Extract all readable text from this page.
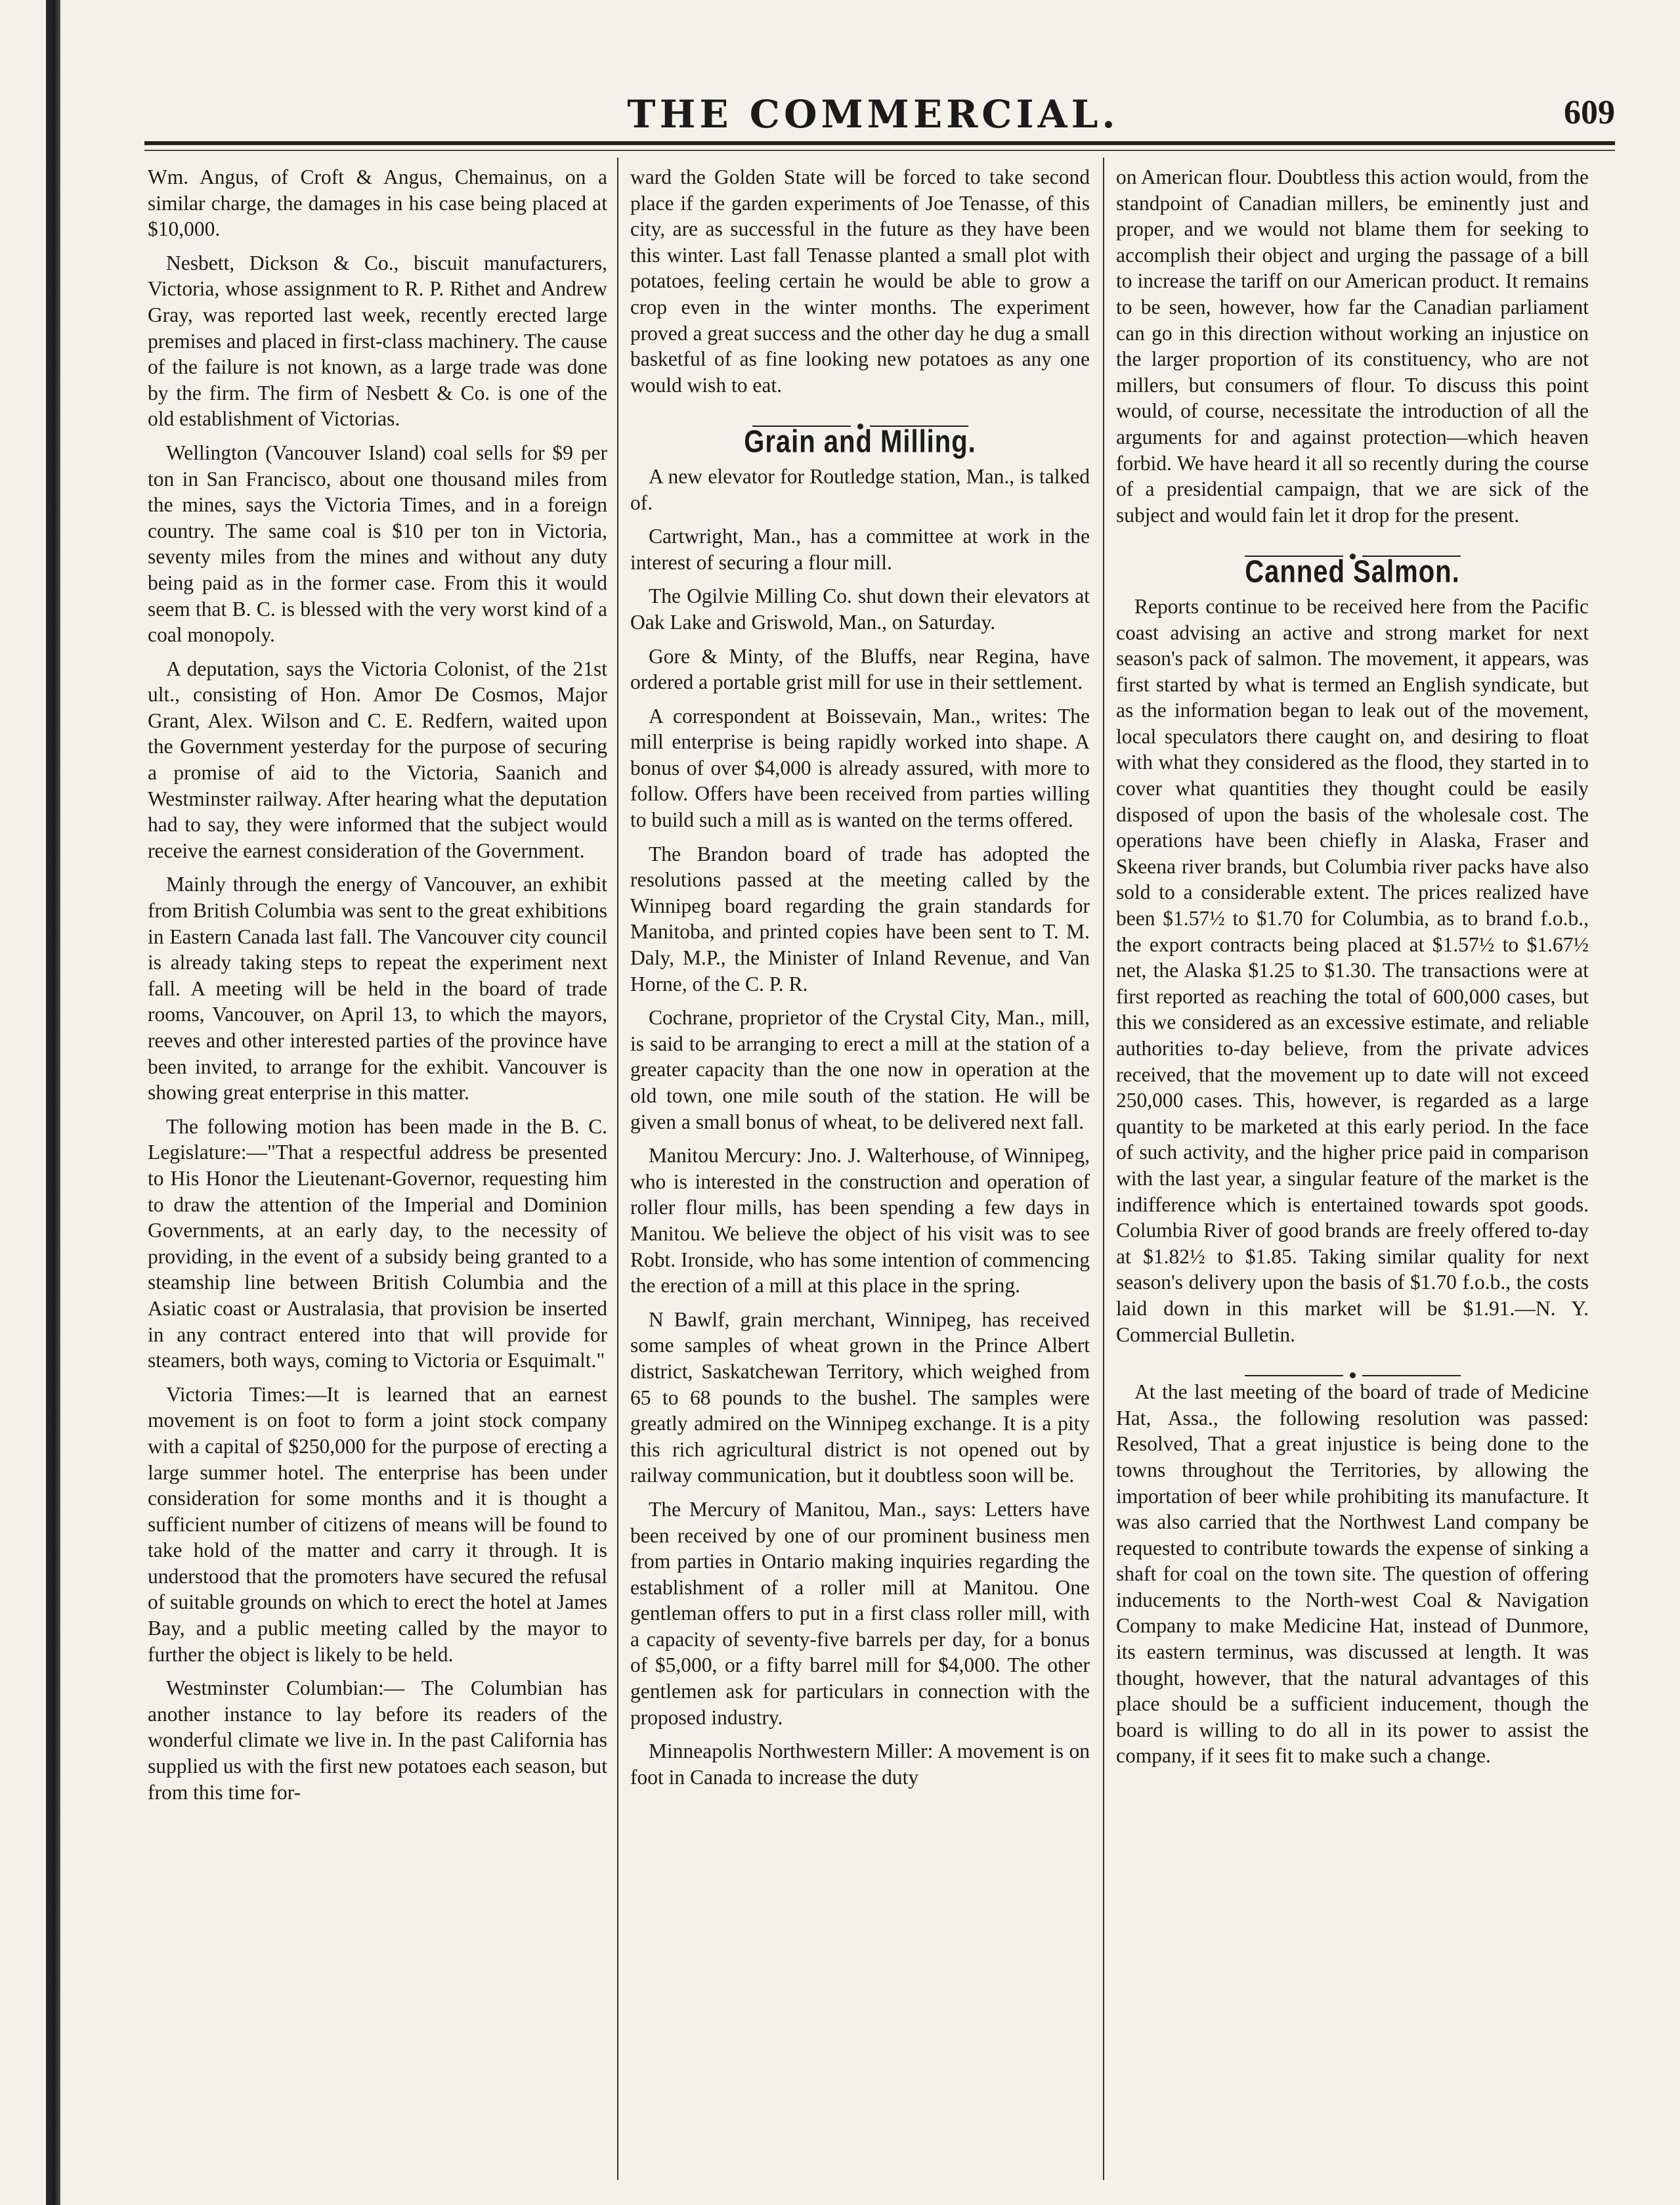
THE COMMERCIAL.	609

Wm. Angus, of Croft & Angus, Chemainus, on a similar charge, the damages in his case being placed at $10,000.

Nesbett, Dickson & Co., biscuit manufacturers, Victoria, whose assignment to R. P. Rithet and Andrew Gray, was reported last week, recently erected large premises and placed in first-class machinery. The cause of the failure is not known, as a large trade was done by the firm. The firm of Nesbett & Co. is one of the old establishment of Victorias.

Wellington (Vancouver Island) coal sells for $9 per ton in San Francisco, about one thousand miles from the mines, says the Victoria Times, and in a foreign country. The same coal is $10 per ton in Victoria, seventy miles from the mines and without any duty being paid as in the former case. From this it would seem that B. C. is blessed with the very worst kind of a coal monopoly.

A deputation, says the Victoria Colonist, of the 21st ult., consisting of Hon. Amor De Cosmos, Major Grant, Alex. Wilson and C. E. Redfern, waited upon the Government yesterday for the purpose of securing a promise of aid to the Victoria, Saanich and Westminster railway. After hearing what the deputation had to say, they were informed that the subject would receive the earnest consideration of the Government.

Mainly through the energy of Vancouver, an exhibit from British Columbia was sent to the great exhibitions in Eastern Canada last fall. The Vancouver city council is already taking steps to repeat the experiment next fall. A meeting will be held in the board of trade rooms, Vancouver, on April 13, to which the mayors, reeves and other interested parties of the province have been invited, to arrange for the exhibit. Vancouver is showing great enterprise in this matter.

The following motion has been made in the B. C. Legislature:—"That a respectful address be presented to His Honor the Lieutenant-Governor, requesting him to draw the attention of the Imperial and Dominion Governments, at an early day, to the necessity of providing, in the event of a subsidy being granted to a steamship line between British Columbia and the Asiatic coast or Australasia, that provision be inserted in any contract entered into that will provide for steamers, both ways, coming to Victoria or Esquimalt."

Victoria Times:—It is learned that an earnest movement is on foot to form a joint stock company with a capital of $250,000 for the purpose of erecting a large summer hotel. The enterprise has been under consideration for some months and it is thought a sufficient number of citizens of means will be found to take hold of the matter and carry it through. It is understood that the promoters have secured the refusal of suitable grounds on which to erect the hotel at James Bay, and a public meeting called by the mayor to further the object is likely to be held.

Westminster Columbian:— The Columbian has another instance to lay before its readers of the wonderful climate we live in. In the past California has supplied us with the first new potatoes each season, but from this time for-

ward the Golden State will be forced to take second place if the garden experiments of Joe Tenasse, of this city, are as successful in the future as they have been this winter. Last fall Tenasse planted a small plot with potatoes, feeling certain he would be able to grow a crop even in the winter months. The experiment proved a great success and the other day he dug a small basketful of as fine looking new potatoes as any one would wish to eat.

Grain and Milling.

A new elevator for Routledge station, Man., is talked of.

Cartwright, Man., has a committee at work in the interest of securing a flour mill.

The Ogilvie Milling Co. shut down their elevators at Oak Lake and Griswold, Man., on Saturday.

Gore & Minty, of the Bluffs, near Regina, have ordered a portable grist mill for use in their settlement.

A correspondent at Boissevain, Man., writes: The mill enterprise is being rapidly worked into shape. A bonus of over $4,000 is already assured, with more to follow. Offers have been received from parties willing to build such a mill as is wanted on the terms offered.

The Brandon board of trade has adopted the resolutions passed at the meeting called by the Winnipeg board regarding the grain standards for Manitoba, and printed copies have been sent to T. M. Daly, M.P., the Minister of Inland Revenue, and Van Horne, of the C. P. R.

Cochrane, proprietor of the Crystal City, Man., mill, is said to be arranging to erect a mill at the station of a greater capacity than the one now in operation at the old town, one mile south of the station. He will be given a small bonus of wheat, to be delivered next fall.

Manitou Mercury: Jno. J. Walterhouse, of Winnipeg, who is interested in the construction and operation of roller flour mills, has been spending a few days in Manitou. We believe the object of his visit was to see Robt. Ironside, who has some intention of commencing the erection of a mill at this place in the spring.

N Bawlf, grain merchant, Winnipeg, has received some samples of wheat grown in the Prince Albert district, Saskatchewan Territory, which weighed from 65 to 68 pounds to the bushel. The samples were greatly admired on the Winnipeg exchange. It is a pity this rich agricultural district is not opened out by railway communication, but it doubtless soon will be.

The Mercury of Manitou, Man., says: Letters have been received by one of our prominent business men from parties in Ontario making inquiries regarding the establishment of a roller mill at Manitou. One gentleman offers to put in a first class roller mill, with a capacity of seventy-five barrels per day, for a bonus of $5,000, or a fifty barrel mill for $4,000. The other gentlemen ask for particulars in connection with the proposed industry.

Minneapolis Northwestern Miller: A movement is on foot in Canada to increase the duty

on American flour. Doubtless this action would, from the standpoint of Canadian millers, be eminently just and proper, and we would not blame them for seeking to accomplish their object and urging the passage of a bill to increase the tariff on our American product. It remains to be seen, however, how far the Canadian parliament can go in this direction without working an injustice on the larger proportion of its constituency, who are not millers, but consumers of flour. To discuss this point would, of course, necessitate the introduction of all the arguments for and against protection—which heaven forbid. We have heard it all so recently during the course of a presidential campaign, that we are sick of the subject and would fain let it drop for the present.

Canned Salmon.

Reports continue to be received here from the Pacific coast advising an active and strong market for next season's pack of salmon. The movement, it appears, was first started by what is termed an English syndicate, but as the information began to leak out of the movement, local speculators there caught on, and desiring to float with what they considered as the flood, they started in to cover what quantities they thought could be easily disposed of upon the basis of the wholesale cost. The operations have been chiefly in Alaska, Fraser and Skeena river brands, but Columbia river packs have also sold to a considerable extent. The prices realized have been $1.57½ to $1.70 for Columbia, as to brand f.o.b., the export contracts being placed at $1.57½ to $1.67½ net, the Alaska $1.25 to $1.30. The transactions were at first reported as reaching the total of 600,000 cases, but this we considered as an excessive estimate, and reliable authorities to-day believe, from the private advices received, that the movement up to date will not exceed 250,000 cases. This, however, is regarded as a large quantity to be marketed at this early period. In the face of such activity, and the higher price paid in comparison with the last year, a singular feature of the market is the indifference which is entertained towards spot goods. Columbia River of good brands are freely offered to-day at $1.82½ to $1.85. Taking similar quality for next season's delivery upon the basis of $1.70 f.o.b., the costs laid down in this market will be $1.91.—N. Y. Commercial Bulletin.

At the last meeting of the board of trade of Medicine Hat, Assa., the following resolution was passed: Resolved, That a great injustice is being done to the towns throughout the Territories, by allowing the importation of beer while prohibiting its manufacture. It was also carried that the Northwest Land company be requested to contribute towards the expense of sinking a shaft for coal on the town site. The question of offering inducements to the North-west Coal & Navigation Company to make Medicine Hat, instead of Dunmore, its eastern terminus, was discussed at length. It was thought, however, that the natural advantages of this place should be a sufficient inducement, though the board is willing to do all in its power to assist the company, if it sees fit to make such a change.
